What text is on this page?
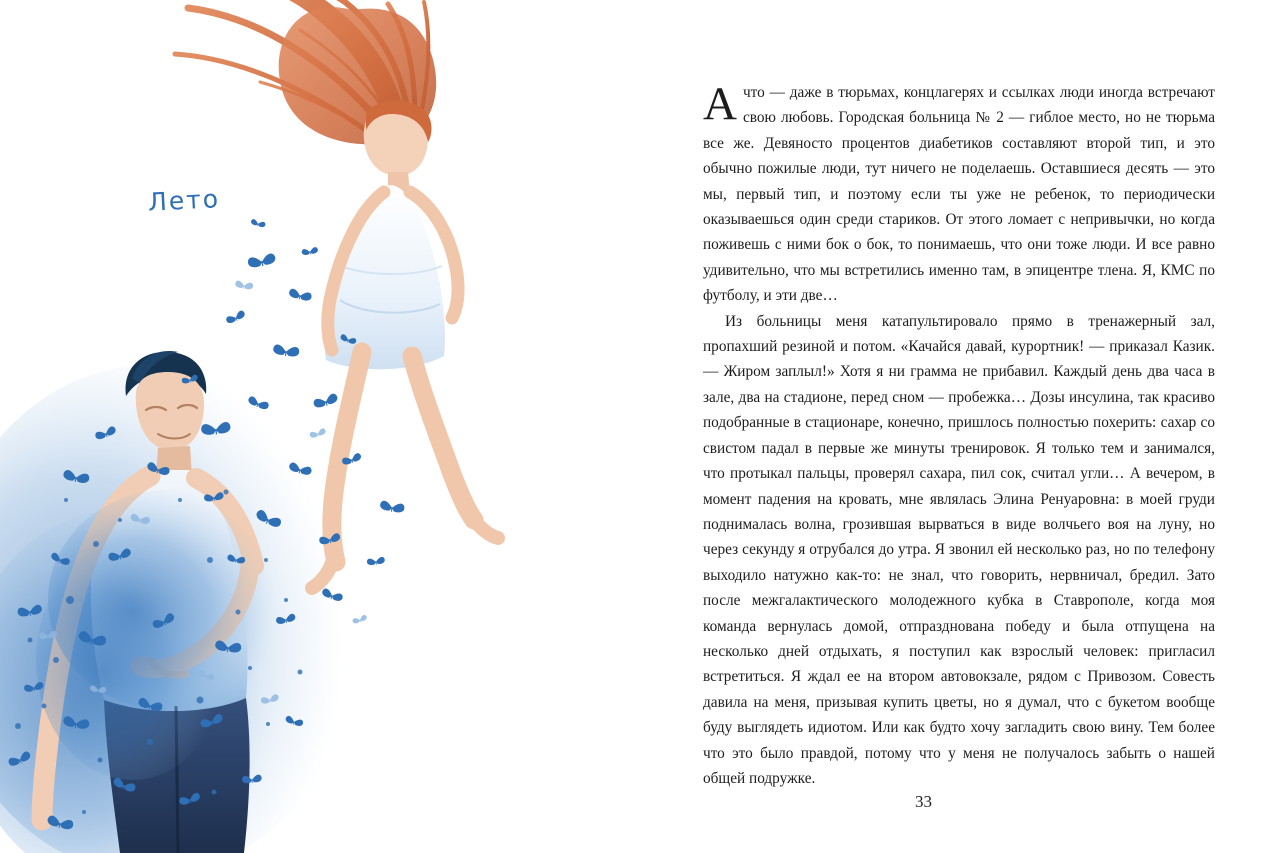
Лето

А что — даже в тюрьмах, концлагерях и ссылках люди иногда встречают свою любовь. Городская больница № 2 — гиблое место, но не тюрьма все же. Девяносто процентов диабетиков составляют второй тип, и это обычно пожилые люди, тут ничего не поделаешь. Оставшиеся десять — это мы, первый тип, и поэтому если ты уже не ребенок, то периодически оказываешься один среди стариков. От этого ломает с непривычки, но когда поживешь с ними бок о бок, то понимаешь, что они тоже люди. И все равно удивительно, что мы встретились именно там, в эпицентре тлена. Я, КМС по футболу, и эти две…

Из больницы меня катапультировало прямо в тренажерный зал, пропахший резиной и потом. «Качайся давай, курортник! — приказал Казик. — Жиром заплыл!» Хотя я ни грамма не прибавил. Каждый день два часа в зале, два на стадионе, перед сном — пробежка… Дозы инсулина, так красиво подобранные в стационаре, конечно, пришлось полностью похерить: сахар со свистом падал в первые же минуты тренировок. Я только тем и занимался, что протыкал пальцы, проверял сахара, пил сок, считал угли… А вечером, в момент падения на кровать, мне являлась Элина Ренуаровна: в моей груди поднималась волна, грозившая вырваться в виде волчьего воя на луну, но через секунду я отрубался до утра. Я звонил ей несколько раз, но по телефону выходило натужно как-то: не знал, что говорить, нервничал, бредил. Зато после межгалактического молодежного кубка в Ставрополе, когда моя команда вернулась домой, отпразднована победу и была отпущена на несколько дней отдыхать, я поступил как взрослый человек: пригласил встретиться. Я ждал ее на втором автовокзале, рядом с Привозом. Совесть давила на меня, призывая купить цветы, но я думал, что с букетом вообще буду выглядеть идиотом. Или как будто хочу загладить свою вину. Тем более что это было правдой, потому что у меня не получалось забыть о нашей общей подружке.

33
